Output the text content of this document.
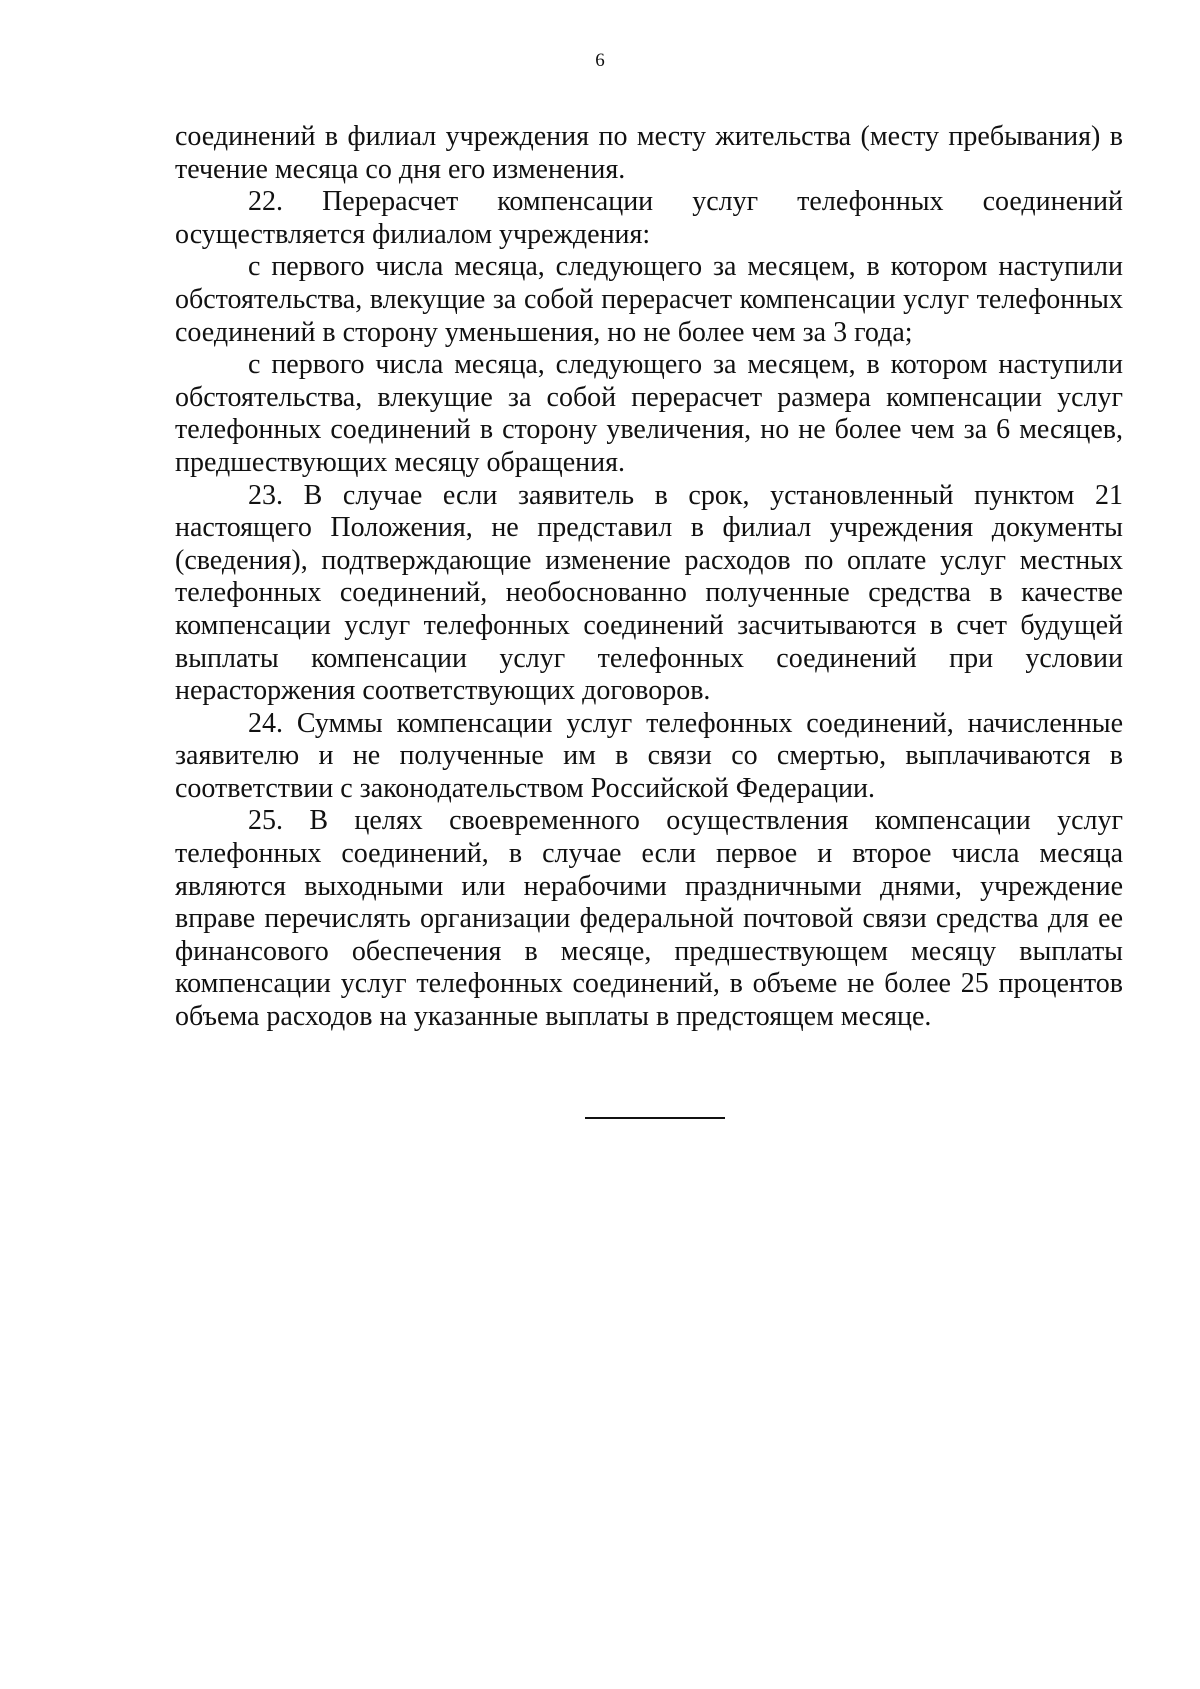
6

соединений в филиал учреждения по месту жительства (месту пребывания) в течение месяца со дня его изменения.

22. Перерасчет компенсации услуг телефонных соединений осуществляется филиалом учреждения:

с первого числа месяца, следующего за месяцем, в котором наступили обстоятельства, влекущие за собой перерасчет компенсации услуг телефонных соединений в сторону уменьшения, но не более чем за 3 года;

с первого числа месяца, следующего за месяцем, в котором наступили обстоятельства, влекущие за собой перерасчет размера компенсации услуг телефонных соединений в сторону увеличения, но не более чем за 6 месяцев, предшествующих месяцу обращения.

23. В случае если заявитель в срок, установленный пунктом 21 настоящего Положения, не представил в филиал учреждения документы (сведения), подтверждающие изменение расходов по оплате услуг местных телефонных соединений, необоснованно полученные средства в качестве компенсации услуг телефонных соединений засчитываются в счет будущей выплаты компенсации услуг телефонных соединений при условии нерасторжения соответствующих договоров.

24. Суммы компенсации услуг телефонных соединений, начисленные заявителю и не полученные им в связи со смертью, выплачиваются в соответствии с законодательством Российской Федерации.

25. В целях своевременного осуществления компенсации услуг телефонных соединений, в случае если первое и второе числа месяца являются выходными или нерабочими праздничными днями, учреждение вправе перечислять организации федеральной почтовой связи средства для ее финансового обеспечения в месяце, предшествующем месяцу выплаты компенсации услуг телефонных соединений, в объеме не более 25 процентов объема расходов на указанные выплаты в предстоящем месяце.
